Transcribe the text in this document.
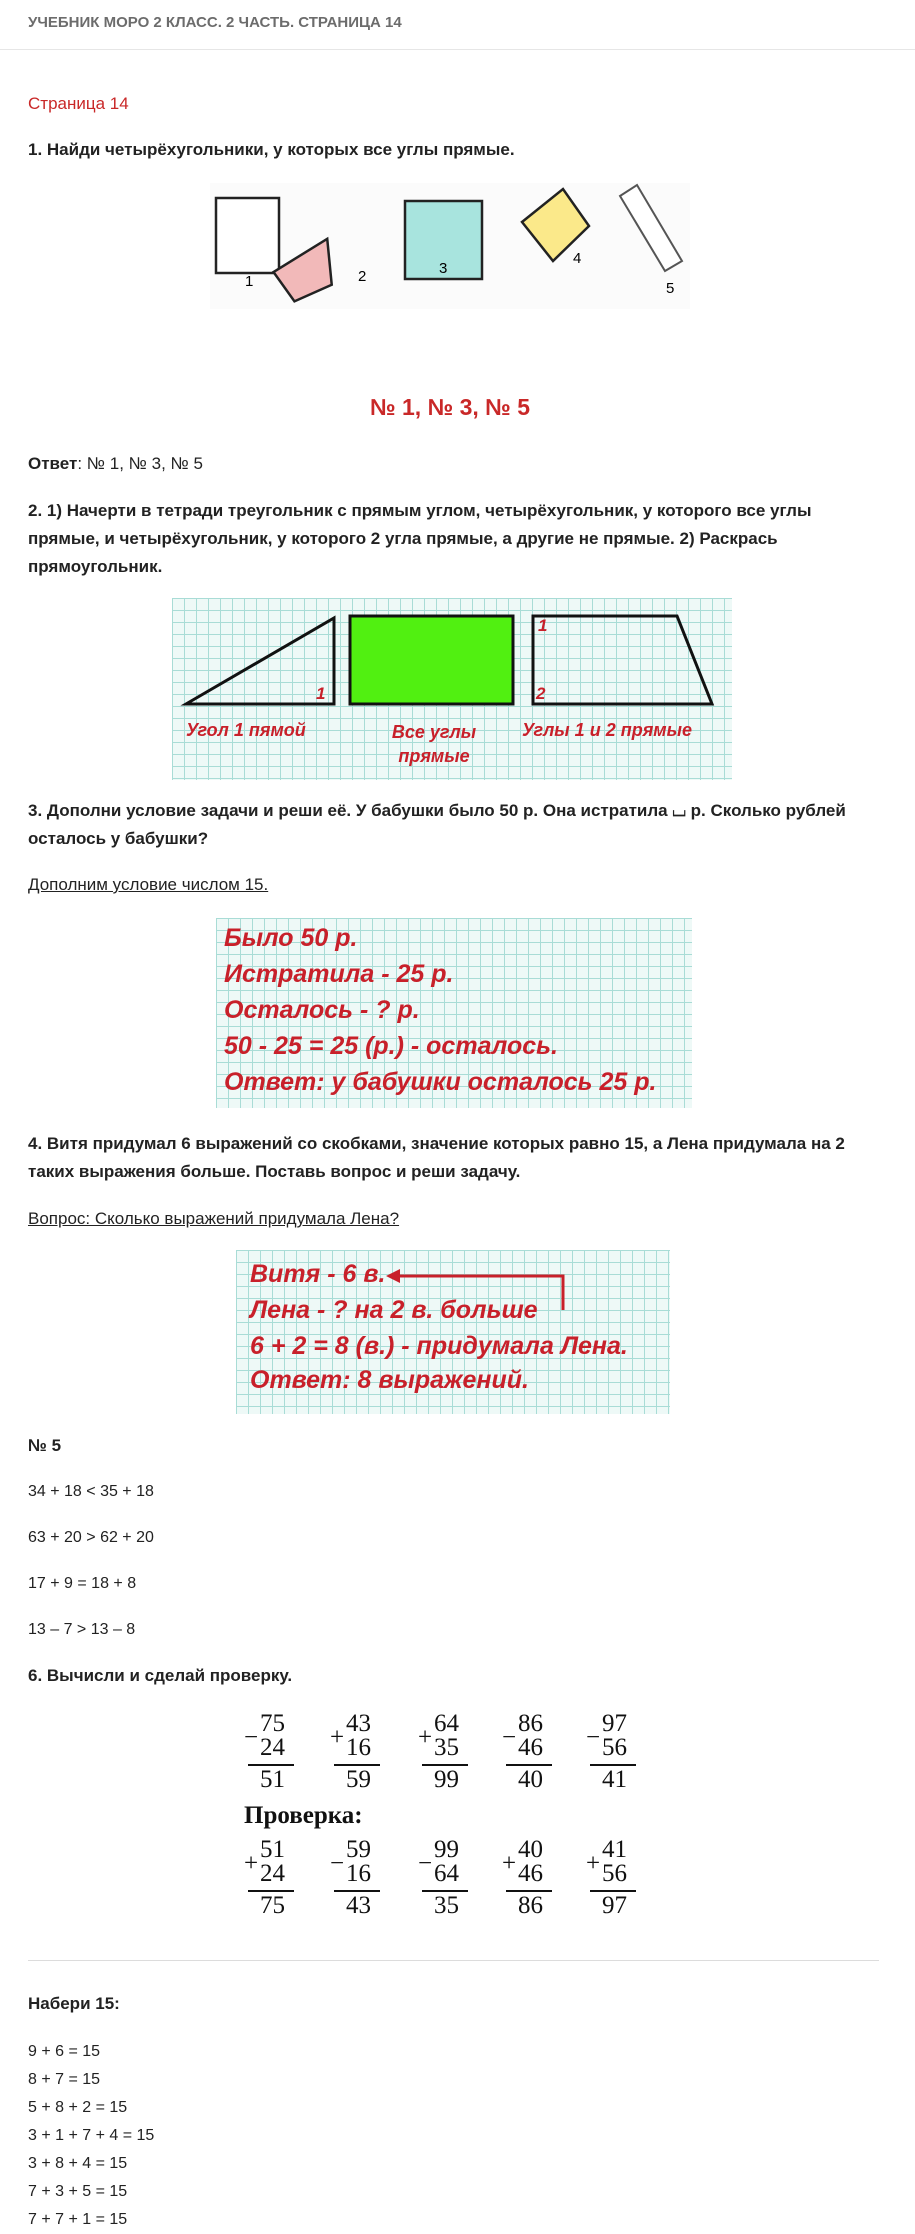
УЧЕБНИК МОРО 2 КЛАСС. 2 ЧАСТЬ. СТРАНИЦА 14
Страница 14
1. Найди четырёхугольники, у которых все углы прямые.
1	2	3
4
5
№ 1, № 3, № 5
Ответ: № 1, № 3, № 5
2. 1) Начерти в тетради треугольник с прямым углом, четырёхугольник, у которого все углы прямые, и четырёхугольник, у которого 2 угла прямые, а другие не прямые. 2) Раскрась прямоугольник.
1
1
2
Угол 1 пямой	Все углы
прямые
Углы 1 и 2 прямые
3. Дополни условие задачи и реши её. У бабушки было 50 р. Она истратила ⌴ р. Сколько рублей осталось у бабушки?
Дополним условие числом 15.
Было 50 р.
Истратила - 25 р.
Осталось - ? р.
50 - 25 = 25 (р.) - осталось.
Ответ: у бабушки осталось 25 р.
4. Витя придумал 6 выражений со скобками, значение которых равно 15, а Лена придумала на 2 таких выражения больше. Поставь вопрос и реши задачу.
Вопрос: Сколько выражений придумала Лена?
Витя - 6 в.
Лена - ? на 2 в. больше
6 + 2 = 8 (в.) - придумала Лена.
Ответ: 8 выражений.
№ 5
34 + 18 < 35 + 18
63 + 20 > 62 + 20
17 + 9 = 18 + 8
13 – 7 > 13 – 8
6. Вычисли и сделай проверку.
75
− 24
51
43
+ 16
59
64
+ 35
99
86
− 46
40
97
− 56
41
Проверка:
51
+ 24
75
59
− 16
43
99
− 64
35
40
+ 46
86
41
+ 56
97
Набери 15:
9 + 6 = 15
8 + 7 = 15
5 + 8 + 2 = 15
3 + 1 + 7 + 4 = 15
3 + 8 + 4 = 15
7 + 3 + 5 = 15
7 + 7 + 1 = 15
